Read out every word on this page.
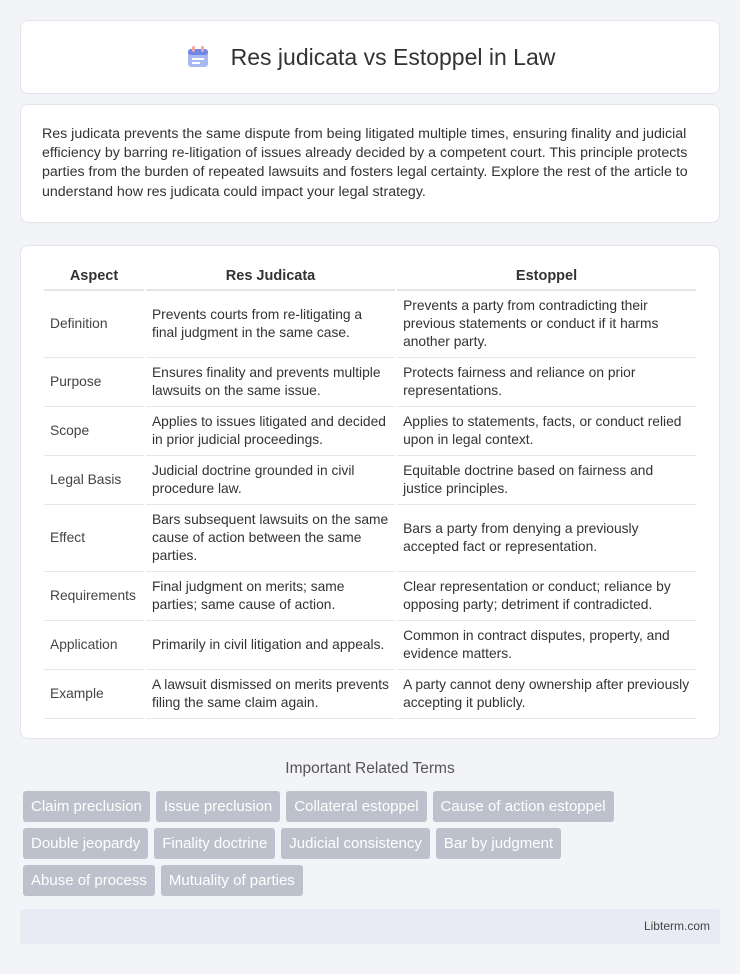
Res judicata vs Estoppel in Law

Res judicata prevents the same dispute from being litigated multiple times, ensuring finality and judicial efficiency by barring re-litigation of issues already decided by a competent court. This principle protects parties from the burden of repeated lawsuits and fosters legal certainty. Explore the rest of the article to understand how res judicata could impact your legal strategy.

Aspect	Res Judicata	Estoppel
Definition	Prevents courts from re-litigating a final judgment in the same case.	Prevents a party from contradicting their previous statements or conduct if it harms another party.
Purpose	Ensures finality and prevents multiple lawsuits on the same issue.	Protects fairness and reliance on prior representations.
Scope	Applies to issues litigated and decided in prior judicial proceedings.	Applies to statements, facts, or conduct relied upon in legal context.
Legal Basis	Judicial doctrine grounded in civil procedure law.	Equitable doctrine based on fairness and justice principles.
Effect	Bars subsequent lawsuits on the same cause of action between the same parties.	Bars a party from denying a previously accepted fact or representation.
Requirements	Final judgment on merits; same parties; same cause of action.	Clear representation or conduct; reliance by opposing party; detriment if contradicted.
Application	Primarily in civil litigation and appeals.	Common in contract disputes, property, and evidence matters.
Example	A lawsuit dismissed on merits prevents filing the same claim again.	A party cannot deny ownership after previously accepting it publicly.
Important Related Terms
Claim preclusion	Issue preclusion	Collateral estoppel	Cause of action estoppel
Double jeopardy	Finality doctrine	Judicial consistency	Bar by judgment
Abuse of process	Mutuality of parties
Libterm.com
